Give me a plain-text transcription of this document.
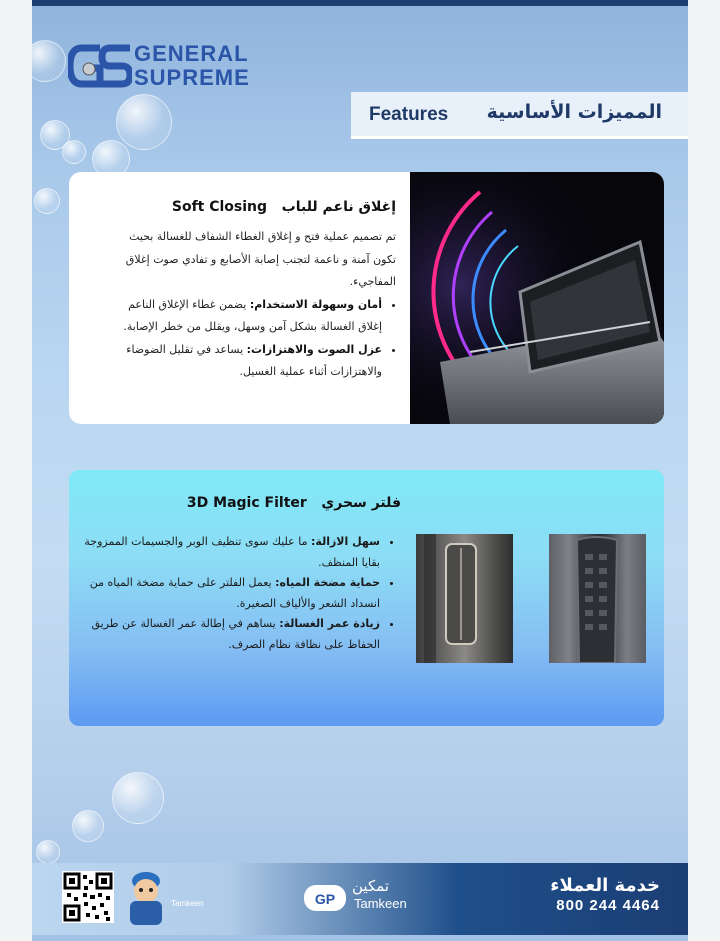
GENERAL
SUPREME
Features المميزات الأساسية
إغلاق ناعم للباب   Soft Closing

تم تصميم عملية فتح و إغلاق الغطاء الشفاف للغسالة بحيث تكون آمنة و ناعمة لتجنب إصابة الأصابع و تفادي صوت إغلاق المفاجيء.

• أمان وسهولة الاستخدام: يضمن غطاء الإغلاق الناعم إغلاق الغسالة بشكل آمن وسهل، ويقلل من خطر الإصابة.
• عزل الصوت والاهتزازات: يساعد في تقليل الضوضاء والاهتزازات أثناء عملية الغسيل.
فلتر سحري   3D Magic Filter
• سهل الازالة: ما عليك سوى تنظيف الوبر والجسيمات الممزوجة بقايا المنظف.
• حماية مضخة المياه: يعمل الفلتر على حماية مضخة المياه من انسداد الشعر والألياف الصغيرة.
• زيادة عمر الغسالة: يساهم في إطالة عمر الغسالة عن طريق الحفاظ على نظافة نظام الصرف.
Tamkeen	GP
تمكين
Tamkeen
خدمة العملاء
800 244 4464
